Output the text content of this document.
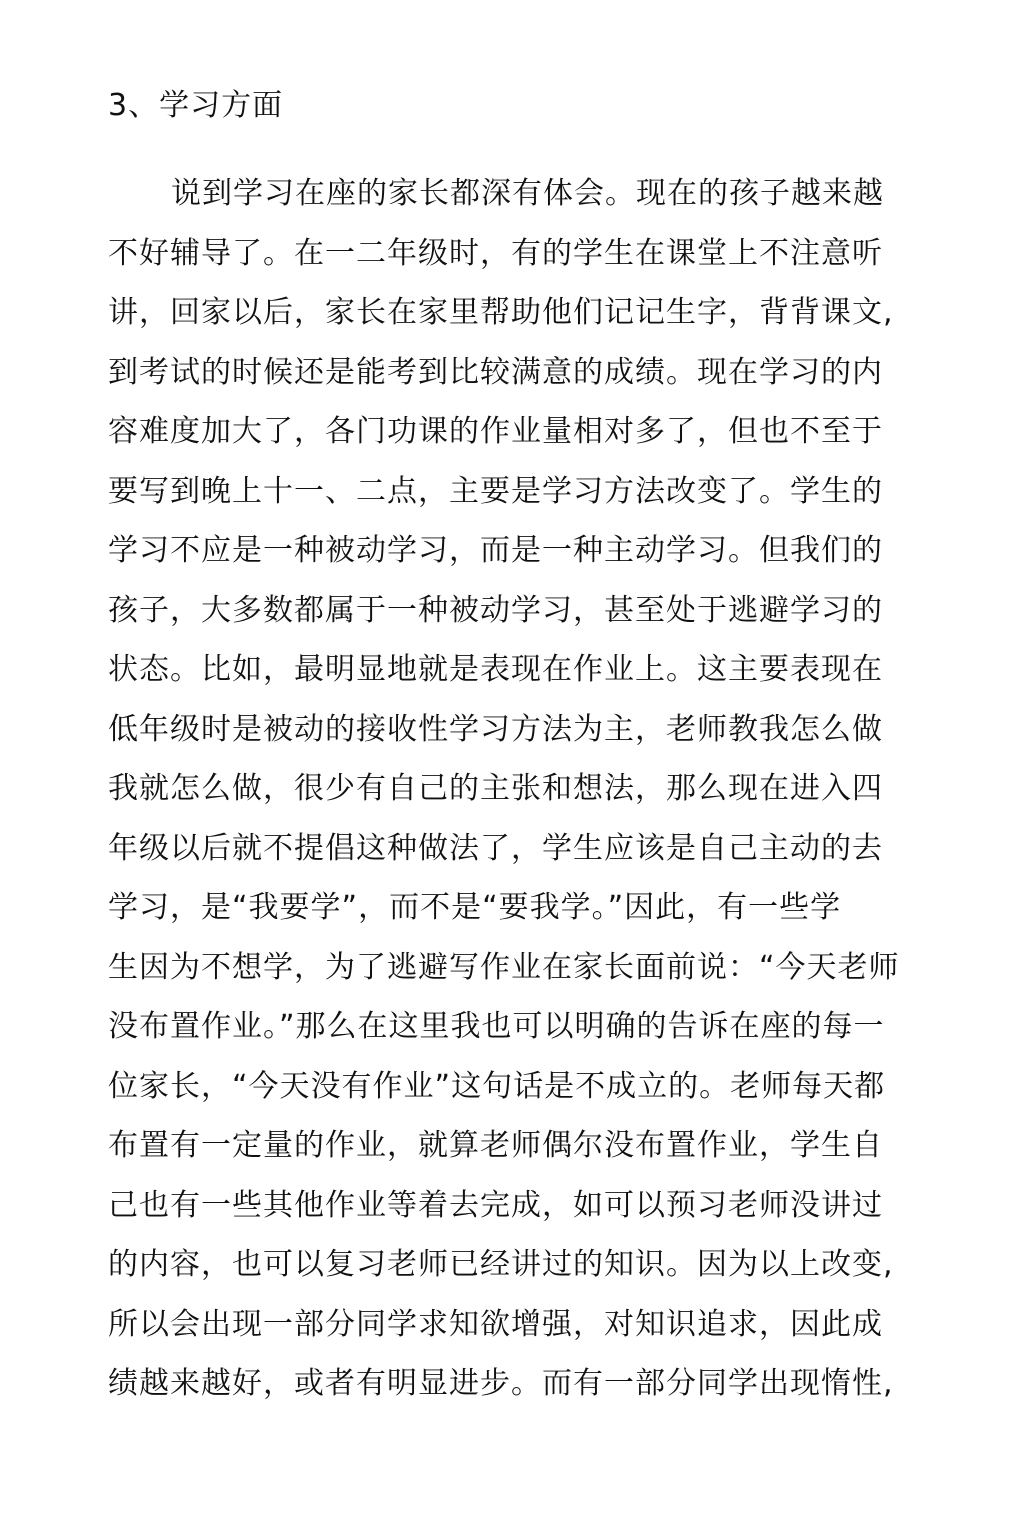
3、学习方面
说到学习在座的家长都深有体会。现在的孩子越来越
不好辅导了。在一二年级时，有的学生在课堂上不注意听
讲，回家以后，家长在家里帮助他们记记生字，背背课文,
到考试的时候还是能考到比较满意的成绩。现在学习的内
容难度加大了，各门功课的作业量相对多了，但也不至于
要写到晚上十一、二点，主要是学习方法改变了。学生的
学习不应是一种被动学习，而是一种主动学习。但我们的
孩子，大多数都属于一种被动学习，甚至处于逃避学习的
状态。比如，最明显地就是表现在作业上。这主要表现在
低年级时是被动的接收性学习方法为主，老师教我怎么做
我就怎么做，很少有自己的主张和想法，那么现在进入四
年级以后就不提倡这种做法了，学生应该是自己主动的去
学习，是“我要学”，而不是“要我学。”因此，有一些学
生因为不想学，为了逃避写作业在家长面前说：“今天老师
没布置作业。”那么在这里我也可以明确的告诉在座的每一
位家长，“今天没有作业”这句话是不成立的。老师每天都
布置有一定量的作业，就算老师偶尔没布置作业，学生自
己也有一些其他作业等着去完成，如可以预习老师没讲过
的内容，也可以复习老师已经讲过的知识。因为以上改变,
所以会出现一部分同学求知欲增强，对知识追求，因此成
绩越来越好，或者有明显进步。而有一部分同学出现惰性,
